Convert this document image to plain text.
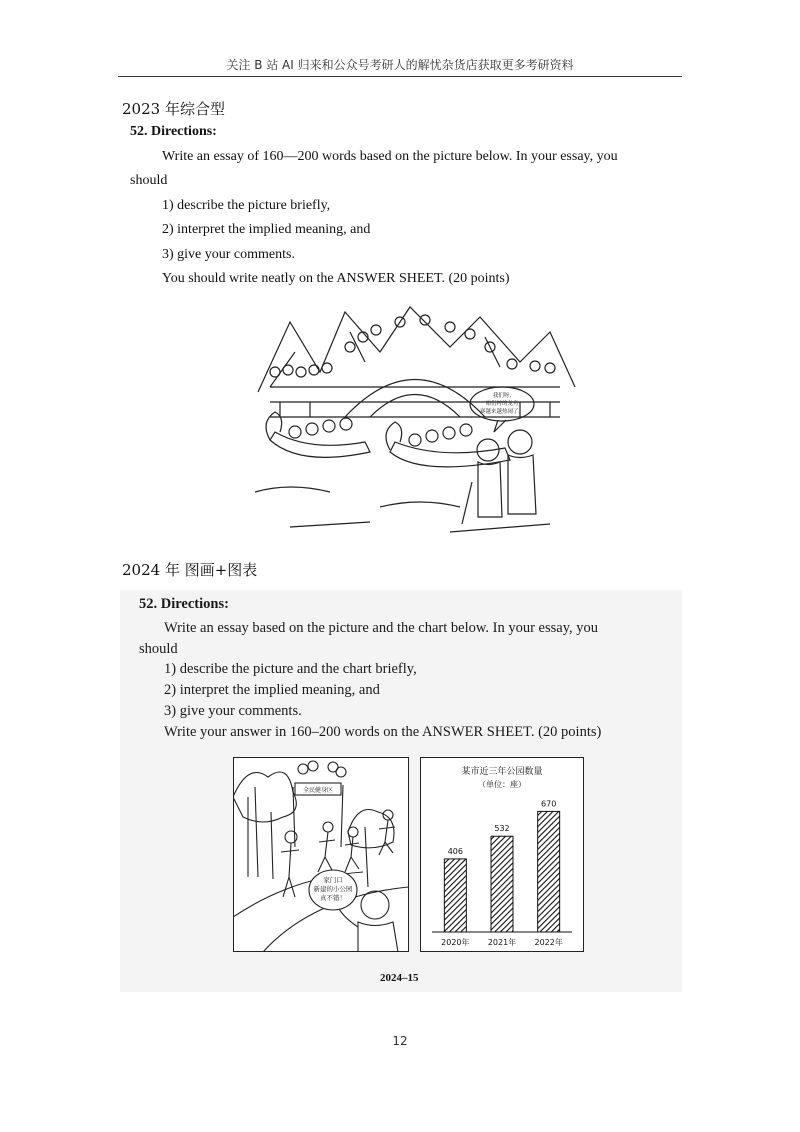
关注 B 站 AI 归来和公众号考研人的解忧杂货店获取更多考研资料
2023 年综合型
52. Directions:
Write an essay of 160—200 words based on the picture below. In your essay, you
should
1) describe the picture briefly,
2) interpret the implied meaning, and
3) give your comments.
You should write neatly on the ANSWER SHEET. (20 points)
我们呀,
咱们村的龙舟
赛越来越热闹了。
2024 年 图画+图表
52. Directions:
Write an essay based on the picture and the chart below. In your essay, you
should
1) describe the picture and the chart briefly,
2) interpret the implied meaning, and
3) give your comments.
Write your answer in 160–200 words on the ANSWER SHEET. (20 points)
全民健身区
家门口
新建的小公园
真不错！
某市近三年公园数量
（单位：座）
406
2020年
532
2021年
670
2022年
2024–15
12
